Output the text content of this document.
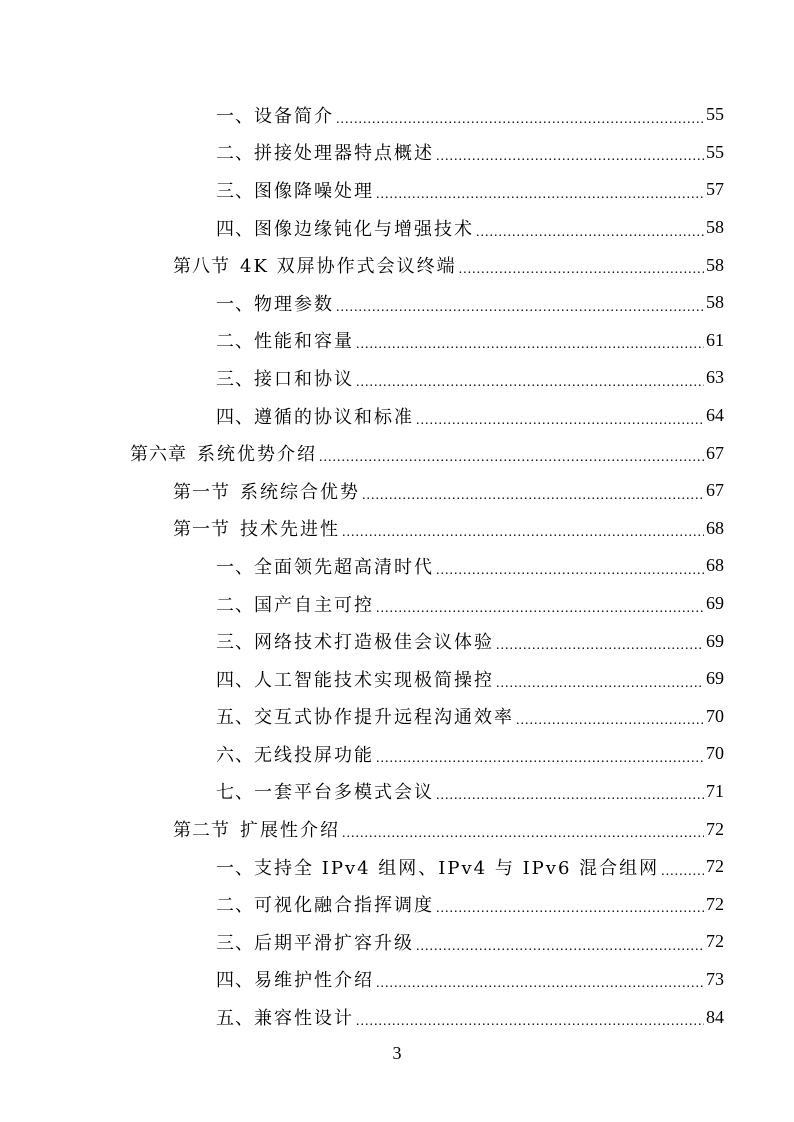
一、 设备简介 .....	55
二、 拼接处理器特点概述 .....	55
三、 图像降噪处理 .....	57
四、 图像边缘钝化与增强技术 .....	58
第八节 4K 双屏协作式会议终端 .....	58
一、 物理参数 .....	58
二、 性能和容量 .....	61
三、 接口和协议 .....	63
四、 遵循的协议和标准 .....	64
第六章 系统优势介绍 .....	67
第一节 系统综合优势 .....	67
第一节 技术先进性 .....	68
一、 全面领先超高清时代 .....	68
二、 国产自主可控 .....	69
三、 网络技术打造极佳会议体验 .....	69
四、 人工智能技术实现极简操控 .....	69
五、 交互式协作提升远程沟通效率 .....	70
六、 无线投屏功能 .....	70
七、 一套平台多模式会议 .....	71
第二节 扩展性介绍 .....	72
一、 支持全 IPv4 组网、IPv4 与 IPv6 混合组网 .....	72
二、 可视化融合指挥调度 .....	72
三、 后期平滑扩容升级 .....	72
四、 易维护性介绍 .....	73
五、 兼容性设计 .....	84
3
